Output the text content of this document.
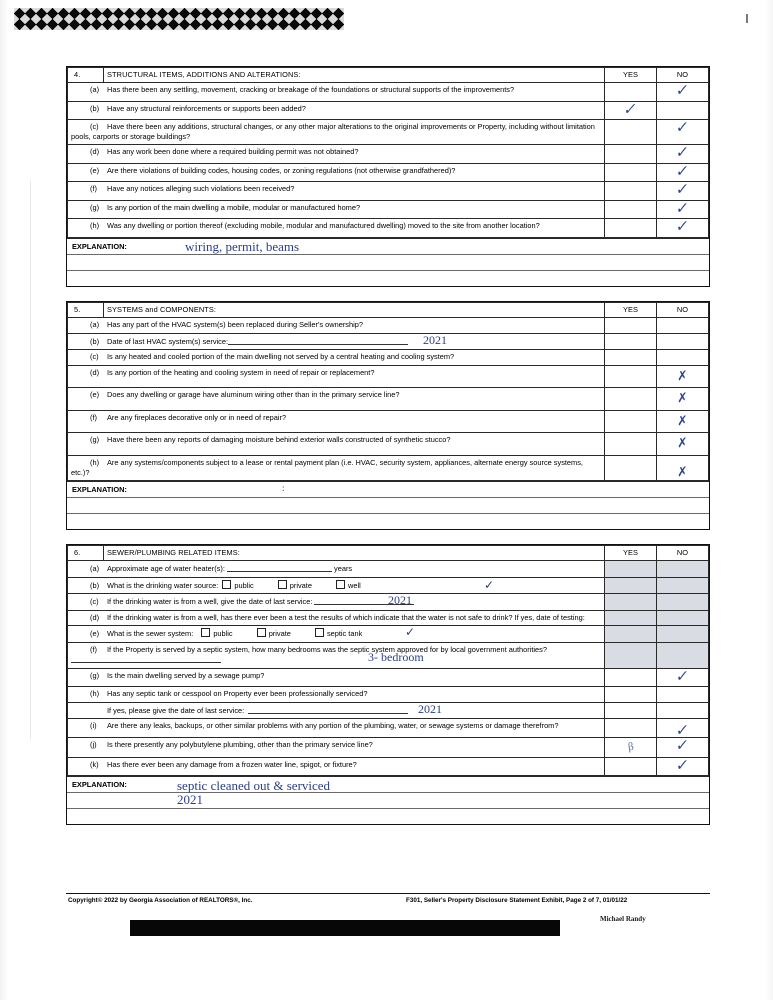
4.	STRUCTURAL ITEMS, ADDITIONS AND ALTERATIONS:	YES	NO
(a) Has there been any settling, movement, cracking or breakage of the foundations or structural supports of the improvements?			✓
(b) Have any structural reinforcements or supports been added?		✓	
(c) Have there been any additions, structural changes, or any other major alterations to the original improvements or Property, including without limitation pools, carports or storage buildings?			✓
(d) Has any work been done where a required building permit was not obtained?			✓
(e) Are there violations of building codes, housing codes, or zoning regulations (not otherwise grandfathered)?			✓
(f) Have any notices alleging such violations been received?			✓
(g) Is any portion of the main dwelling a mobile, modular or manufactured home?			✓
(h) Was any dwelling or portion thereof (excluding mobile, modular and manufactured dwelling) moved to the site from another location?			✓
EXPLANATION:	wiring, permit, beams
5.	SYSTEMS and COMPONENTS:	YES	NO
(a) Has any part of the HVAC system(s) been replaced during Seller's ownership?			
(b) Date of last HVAC system(s) service: 2021			

(c) Is any heated and cooled portion of the main dwelling not served by a central heating and cooling system?			
(d) Is any portion of the heating and cooling system in need of repair or replacement?			✗
(e) Does any dwelling or garage have aluminum wiring other than in the primary service line?			✗
(f) Are any fireplaces decorative only or in need of repair?			✗
(g) Have there been any reports of damaging moisture behind exterior walls constructed of synthetic stucco?			✗
(h) Are any systems/components subject to a lease or rental payment plan (i.e. HVAC, security system, appliances, alternate energy source systems, etc.)?			✗
EXPLANATION:	:
6.	SEWER/PLUMBING RELATED ITEMS:	YES	NO
(a) Approximate age of water heater(s): years			
(b) What is the drinking water source: public private well ✓			

(c) If the drinking water is from a well, give the date of last service: 2021			

(d) If the drinking water is from a well, has there ever been a test the results of which indicate that the water is not safe to drink? If yes, date of testing:			
(e) What is the sewer system: public private septic tank ✓			

(f) If the Property is served by a septic system, how many bedrooms was the septic system approved for by local government authorities?
3- bedroom			

(g) Is the main dwelling served by a sewage pump?			✓
(h) Has any septic tank or cesspool on Property ever been professionally serviced?			

If yes, please give the date of last service: 2021			

(i) Are there any leaks, backups, or other similar problems with any portion of the plumbing, water, or sewage systems or damage therefrom?			✓
(j) Is there presently any polybutylene plumbing, other than the primary service line?		β	✓
(k) Has there ever been any damage from a frozen water line, spigot, or fixture?			✓
EXPLANATION:	septic cleaned out & serviced
2021
Copyright© 2022 by Georgia Association of REALTORS®, Inc.	F301, Seller's Property Disclosure Statement Exhibit, Page 2 of 7, 01/01/22
Michael Randy
